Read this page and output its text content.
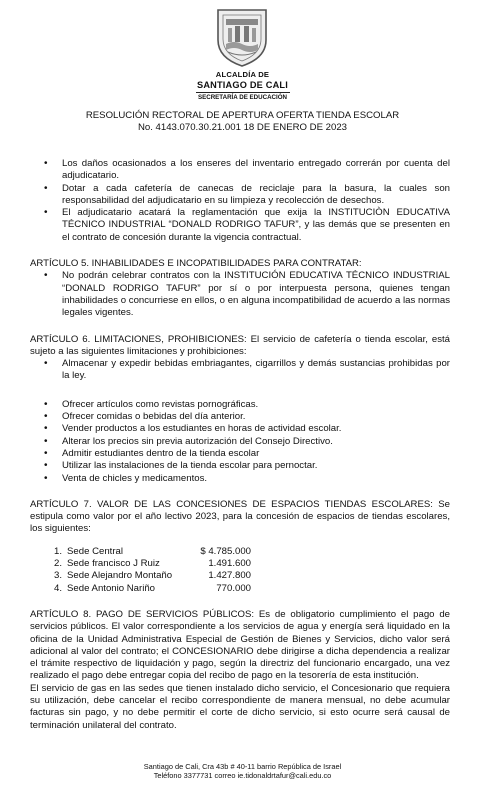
ALCALDÍA DE
SANTIAGO DE CALI
SECRETARÍA DE EDUCACIÓN
RESOLUCIÓN RECTORAL DE APERTURA OFERTA TIENDA ESCOLAR
No. 4143.070.30.21.001 18 DE ENERO DE 2023
• Los daños ocasionados a los enseres del inventario entregado correrán por cuenta del adjudicatario.
• Dotar a cada cafetería de canecas de reciclaje para la basura, la cuales son responsabilidad del adjudicatario en su limpieza y recolección de desechos.
• El adjudicatario acatará la reglamentación que exija la INSTITUCIÒN EDUCATIVA TÉCNICO INDUSTRIAL “DONALD RODRIGO TAFUR”, y las demás que se presenten en el contrato de concesión durante la vigencia contractual.

ARTÍCULO 5. INHABILIDADES E INCOPATIBILIDADES PARA CONTRATAR:

• No podrán celebrar contratos con la INSTITUCIÓN EDUCATIVA TÉCNICO INDUSTRIAL “DONALD RODRIGO TAFUR” por sí o por interpuesta persona, quienes tengan inhabilidades o concurriese en ellos, o en alguna incompatibilidad de acuerdo a las normas legales vigentes.

ARTÍCULO 6. LIMITACIONES, PROHIBICIONES: El servicio de cafetería o tienda escolar, está sujeto a las siguientes limitaciones y prohibiciones:

• Almacenar y expedir bebidas embriagantes, cigarrillos y demás sustancias prohibidas por la ley.
• Ofrecer artículos como revistas pornográficas.
• Ofrecer comidas o bebidas del día anterior.
• Vender productos a los estudiantes en horas de actividad escolar.
• Alterar los precios sin previa autorización del Consejo Directivo.
• Admitir estudiantes dentro de la tienda escolar
• Utilizar las instalaciones de la tienda escolar para pernoctar.
• Venta de chicles y medicamentos.

ARTÍCULO 7. VALOR DE LAS CONCESIONES DE ESPACIOS TIENDAS ESCOLARES: Se estipula como valor por el año lectivo 2023, para la concesión de espacios de tiendas escolares, los siguientes:

1. Sede Central	$ 4.785.000
2. Sede francisco J Ruiz	1.491.600
3. Sede Alejandro Montaño	1.427.800
4. Sede Antonio Nariño	770.000

ARTÍCULO 8. PAGO DE SERVICIOS PÚBLICOS: Es de obligatorio cumplimiento el pago de servicios públicos. El valor correspondiente a los servicios de agua y energía será liquidado en la oficina de la Unidad Administrativa Especial de Gestión de Bienes y Servicios, dicho valor será adicional al valor del contrato; el CONCESIONARIO debe dirigirse a dicha dependencia a realizar el trámite respectivo de liquidación y pago, según la directriz del funcionario encargado, una vez realizado el pago debe entregar copia del recibo de pago en la tesorería de esta institución.

El servicio de gas en las sedes que tienen instalado dicho servicio, el Concesionario que requiera su utilización, debe cancelar el recibo correspondiente de manera mensual, no debe acumular facturas sin pago, y no debe permitir el corte de dicho servicio, si esto ocurre será causal de terminación unilateral del contrato.

Santiago de Cali, Cra 43b # 40-11 barrio República de Israel
Teléfono 3377731 correo ie.tidonaldrtafur@cali.edu.co
